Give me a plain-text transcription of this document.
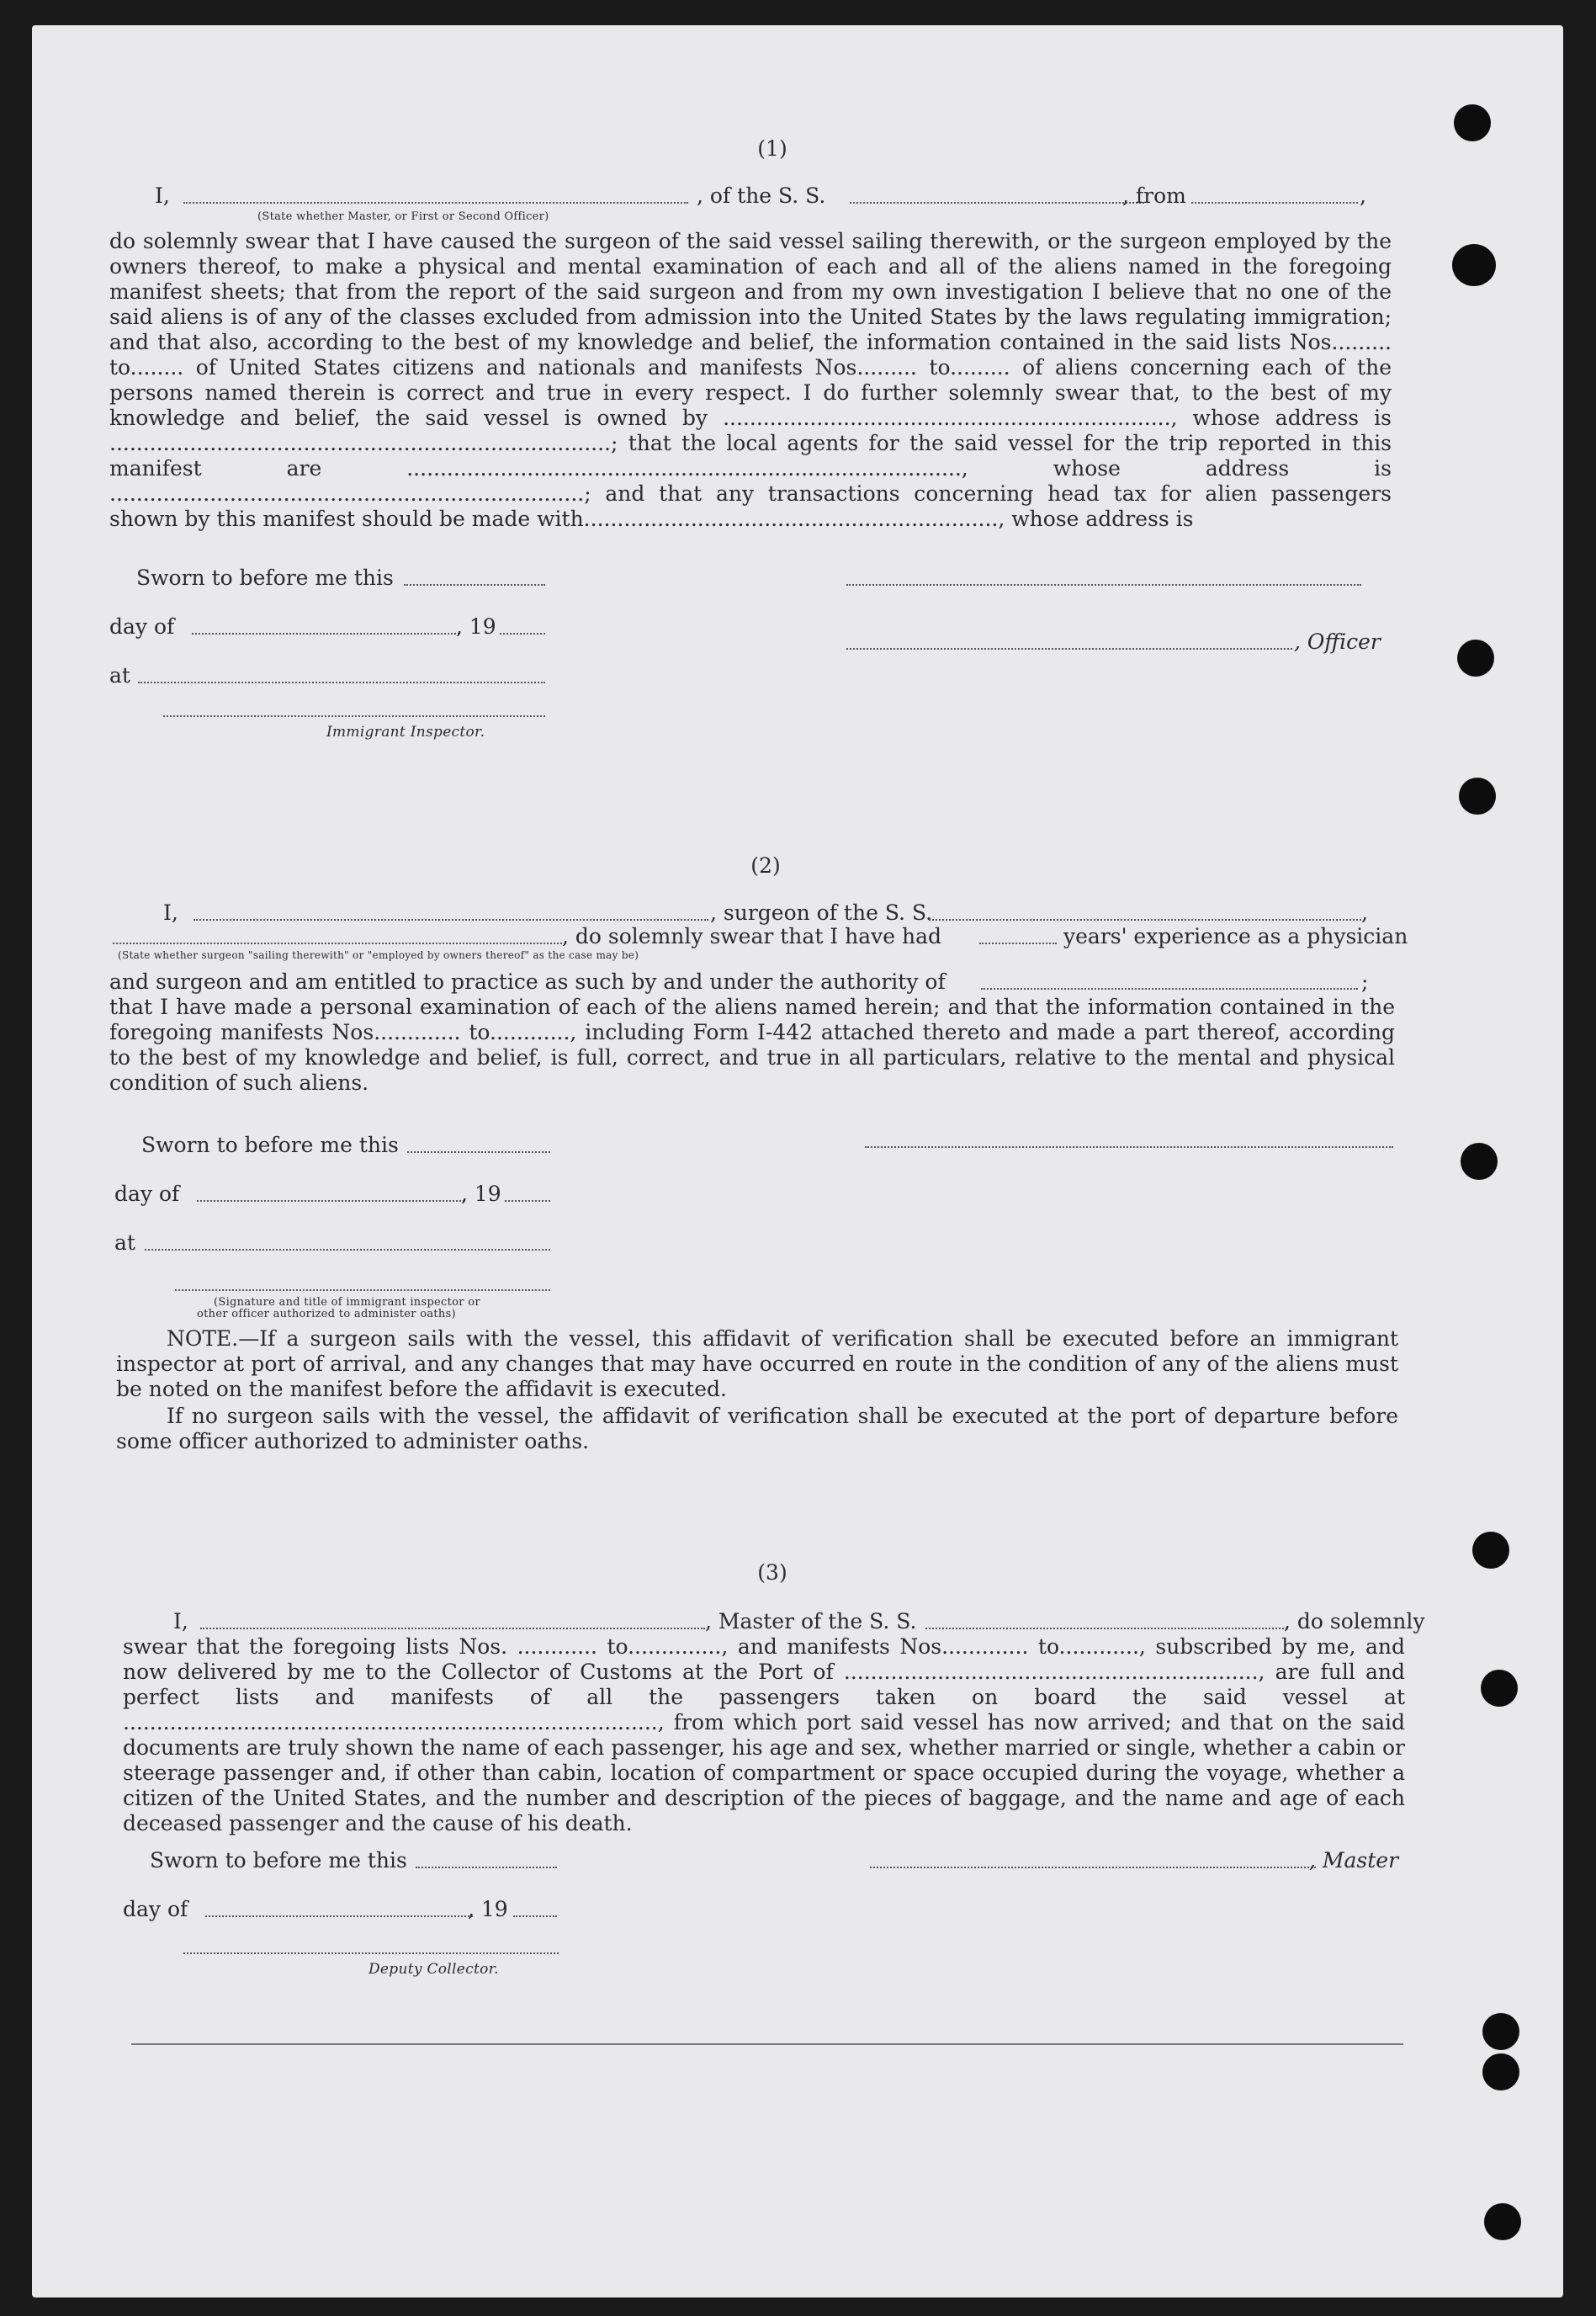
(1)
I,	, of the S. S.	, from	,
(State whether Master, or First or Second Officer)
do solemnly swear that I have caused the surgeon of the said vessel sailing therewith, or the surgeon employed by the owners thereof, to make a physical and mental examination of each and all of the aliens named in the foregoing manifest sheets; that from the report of the said surgeon and from my own investigation I believe that no one of the said aliens is of any of the classes excluded from admission into the United States by the laws regulating immigration; and that also, according to the best of my knowledge and belief, the information contained in the said lists Nos......... to........ of United States citizens and nationals and manifests Nos......... to......... of aliens concerning each of the persons named therein is correct and true in every respect. I do further solemnly swear that, to the best of my knowledge and belief, the said vessel is owned by ..................................................................., whose address is ...........................................................................; that the local agents for the said vessel for the trip reported in this manifest are ..................................................................................., whose address is .......................................................................; and that any transactions concerning head tax for alien passengers shown by this manifest should be made with.............................................................., whose address is
Sworn to before me this
day of	, 19
, Officer
at
Immigrant Inspector.
(2)
I,	, surgeon of the S. S.	,
, do solemnly swear that I have had	years' experience as a physician
(State whether surgeon "sailing therewith" or "employed by owners thereof" as the case may be)
and surgeon and am entitled to practice as such by and under the authority of	;
that I have made a personal examination of each of the aliens named herein; and that the information contained in the foregoing manifests Nos............. to............, including Form I-442 attached thereto and made a part thereof, according to the best of my knowledge and belief, is full, correct, and true in all particulars, relative to the mental and physical condition of such aliens.
Sworn to before me this
day of	, 19
at
(Signature and title of immigrant inspector or
other officer authorized to administer oaths)
NOTE.—If a surgeon sails with the vessel, this affidavit of verification shall be executed before an immigrant inspector at port of arrival, and any changes that may have occurred en route in the condition of any of the aliens must be noted on the manifest before the affidavit is executed.
If no surgeon sails with the vessel, the affidavit of verification shall be executed at the port of departure before some officer authorized to administer oaths.
(3)
I,	, Master of the S. S.	, do solemnly
swear that the foregoing lists Nos. ............ to.............., and manifests Nos............. to............, subscribed by me, and now delivered by me to the Collector of Customs at the Port of .............................................................., are full and perfect lists and manifests of all the passengers taken on board the said vessel at ................................................................................, from which port said vessel has now arrived; and that on the said documents are truly shown the name of each passenger, his age and sex, whether married or single, whether a cabin or steerage passenger and, if other than cabin, location of compartment or space occupied during the voyage, whether a citizen of the United States, and the number and description of the pieces of baggage, and the name and age of each deceased passenger and the cause of his death.
Sworn to before me this	, Master
day of	, 19
Deputy Collector.
